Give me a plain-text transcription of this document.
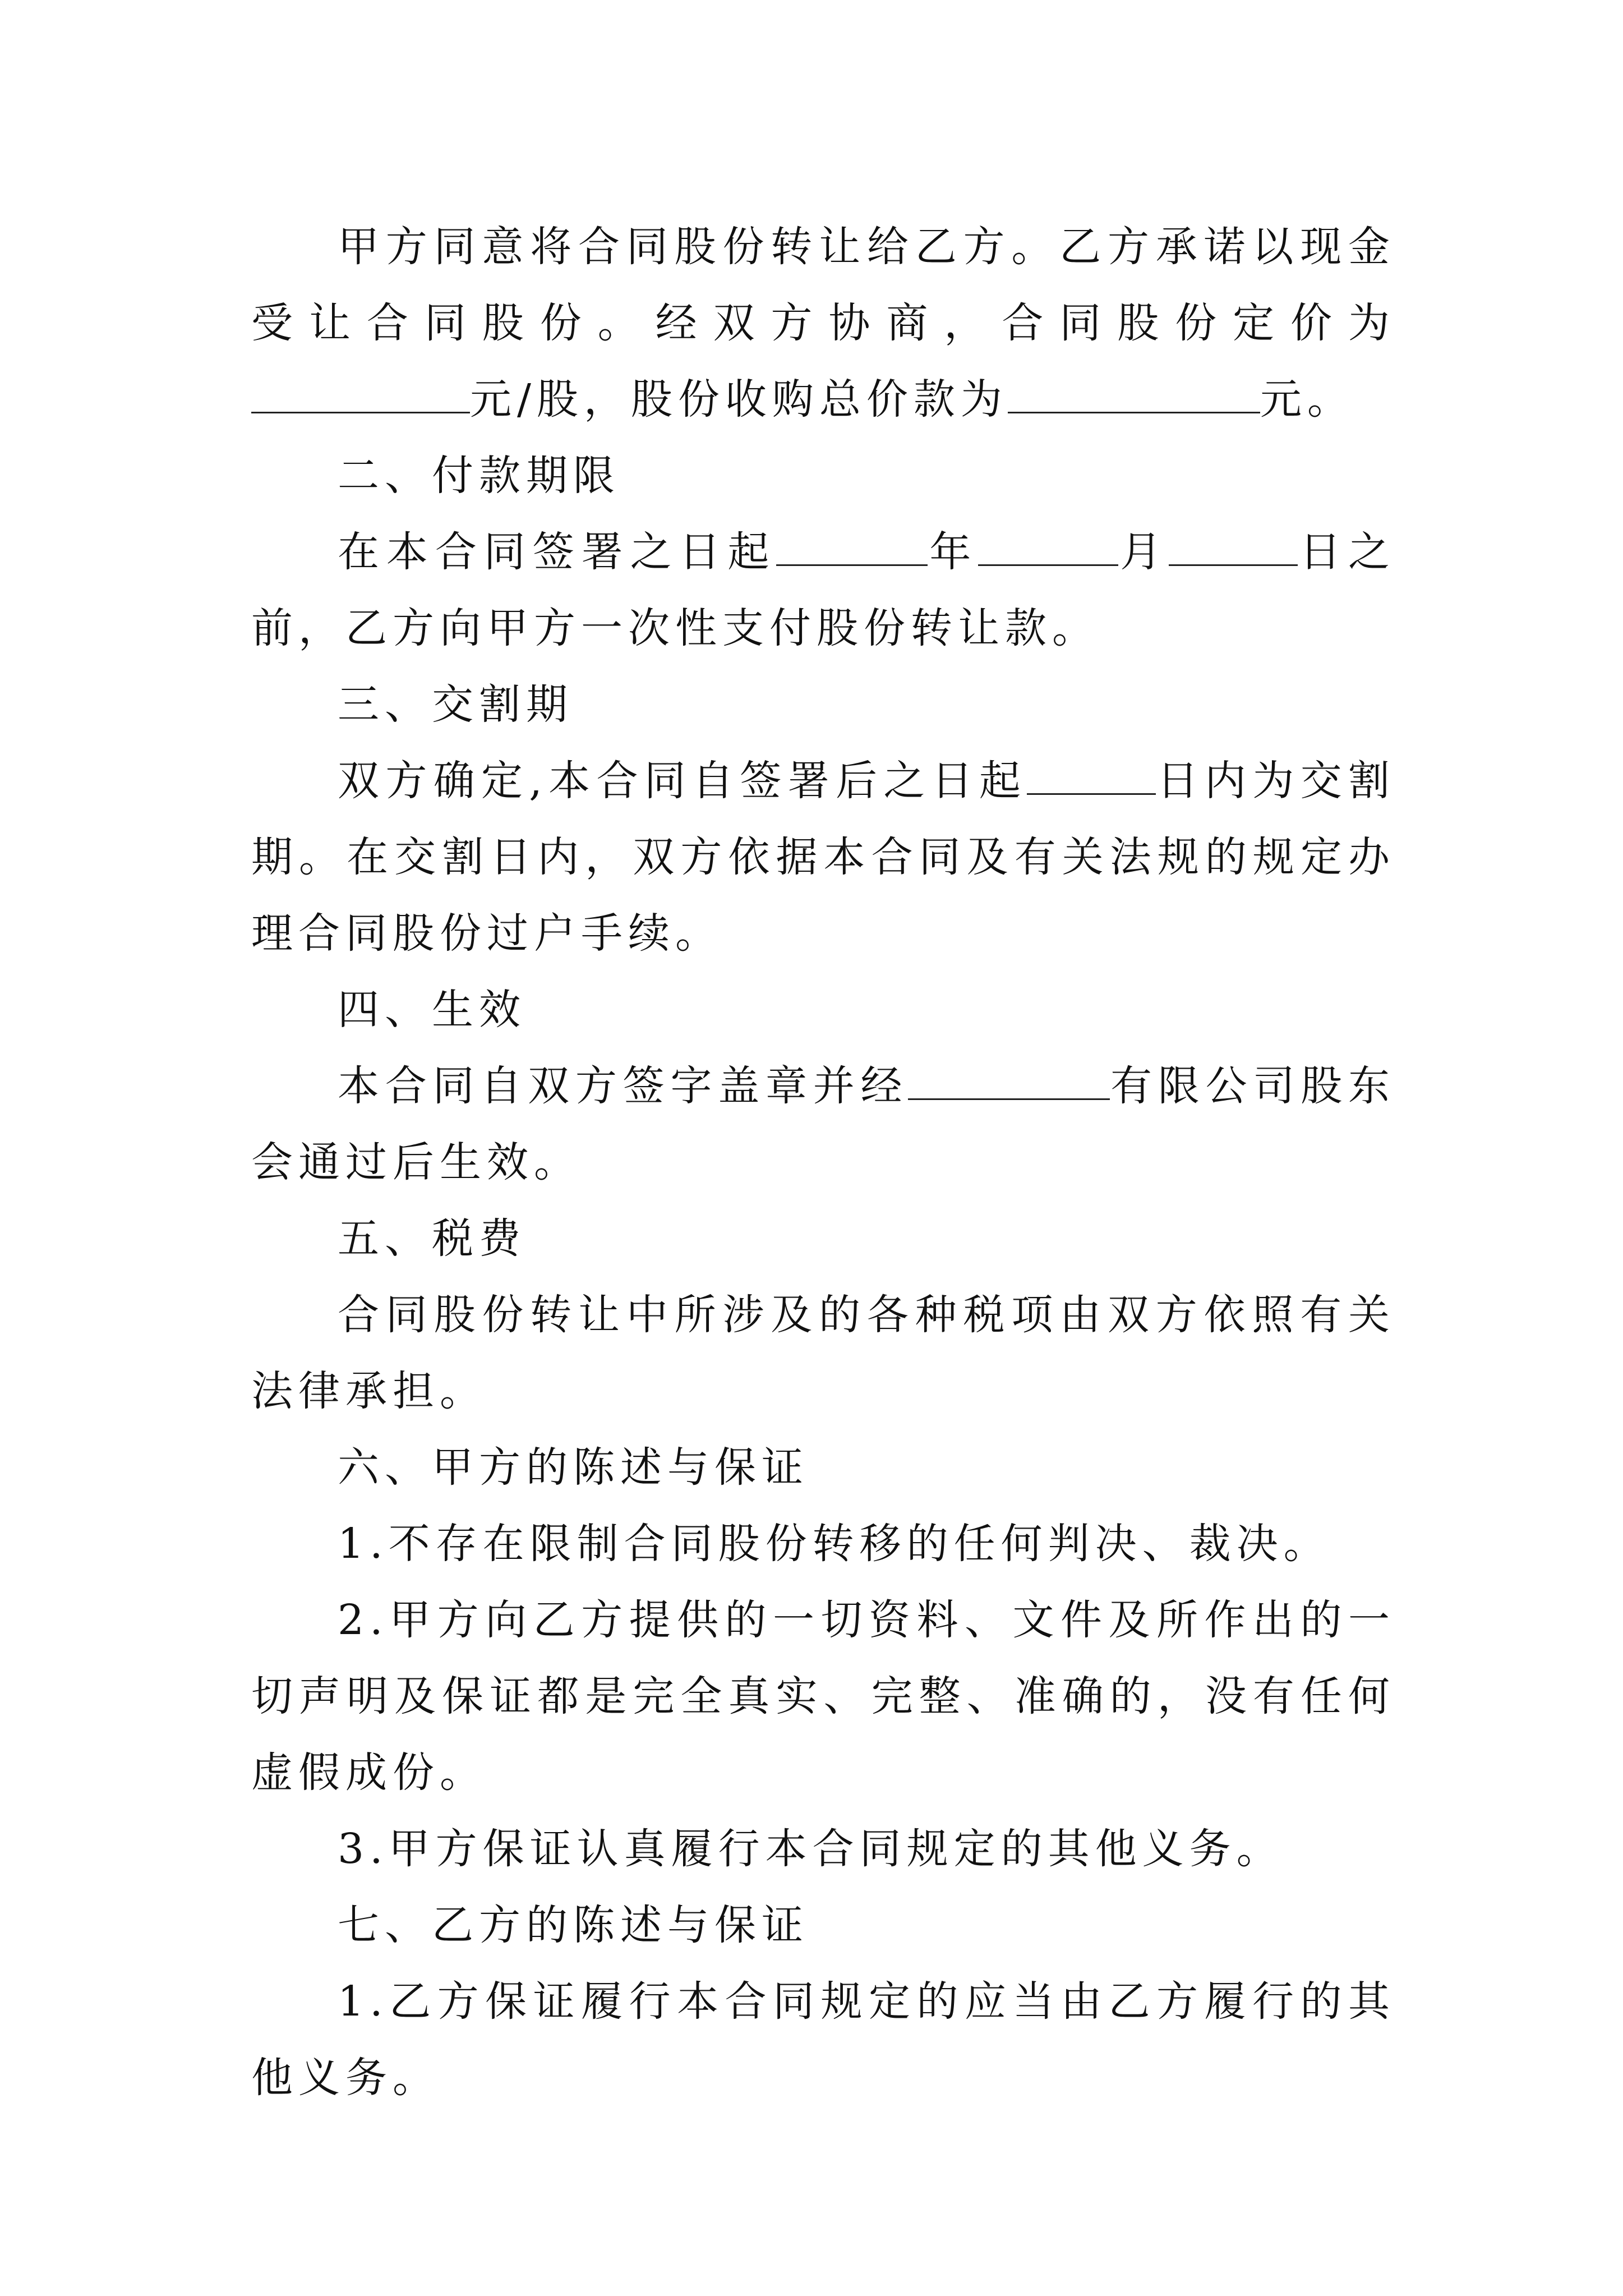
甲方同意将合同股份转让给乙方。乙方承诺以现金受让合同股份。经双方协商，合同股份定价为元/股，股份收购总价款为	元。

二、付款期限

在本合同签署之日起	年	月	日之前，乙方向甲方一次性支付股份转让款。

三、交割期

双方确定,本合同自签署后之日起	日内为交割期。在交割日内，双方依据本合同及有关法规的规定办理合同股份过户手续。

四、生效

本合同自双方签字盖章并经	有限公司股东会通过后生效。

五、税费

合同股份转让中所涉及的各种税项由双方依照有关法律承担。

六、甲方的陈述与保证

1.不存在限制合同股份转移的任何判决、裁决。

2.甲方向乙方提供的一切资料、文件及所作出的一切声明及保证都是完全真实、完整、准确的，没有任何虚假成份。

3.甲方保证认真履行本合同规定的其他义务。

七、乙方的陈述与保证

1.乙方保证履行本合同规定的应当由乙方履行的其他义务。
